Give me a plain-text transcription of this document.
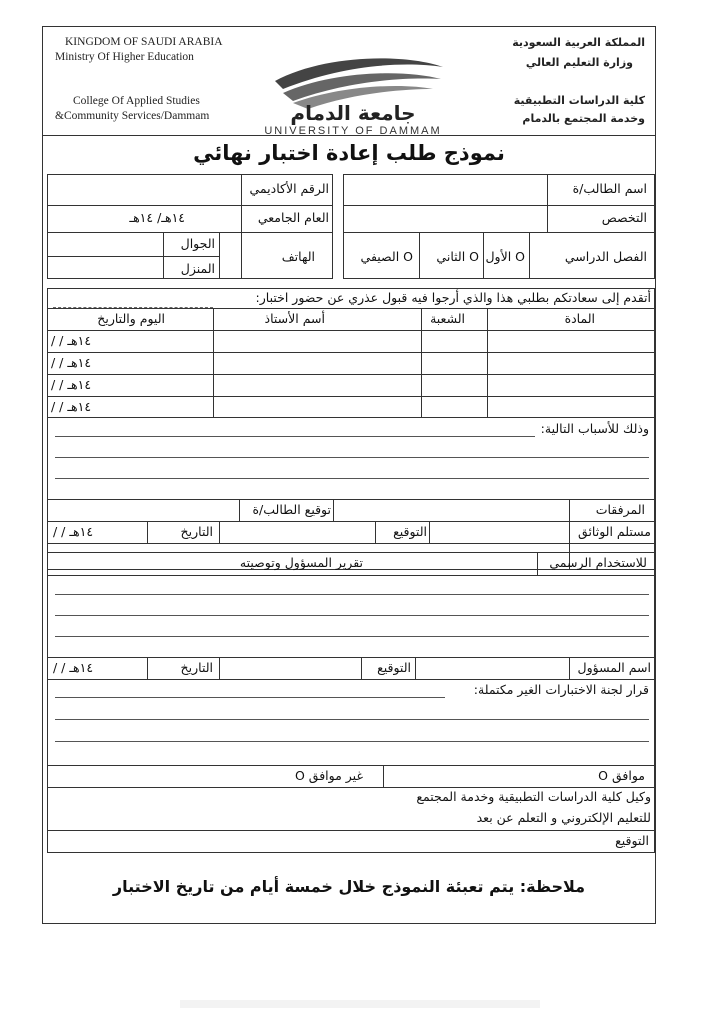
KINGDOM OF SAUDI ARABIA
Ministry Of Higher Education
College Of Applied Studies
&Community Services/Dammam
المملكة العربية السعودية
وزارة التعليم العالي
كلية الدراسات التطبيقية
وخدمة المجتمع بالدمام
جامعة الدمام
UNIVERSITY OF DAMMAM
نموذج طلب إعادة اختبار نهائي
اسم الطالب/ة
التخصص
الفصل الدراسي
O الأول
O الثاني
O الصيفي
الرقم الأكاديمي
العام الجامعي
١٤هـ/ ١٤هـ
الهاتف
الجوال
المنزل
أتقدم إلى سعادتكم بطلبي هذا والذي أرجوا فيه قبول عذري عن حضور اختبار:
المادة
الشعبة
أسم الأستاذ
اليوم والتاريخ
١٤هـ / /
١٤هـ / /
١٤هـ / /
١٤هـ / /
وذلك للأسباب التالية:
المرفقات
توقيع الطالب/ة
مستلم الوثائق
التوقيع
التاريخ
١٤هـ / /
للاستخدام الرسمي
تقرير المسؤول وتوصيته
اسم المسؤول
التوقيع
التاريخ
١٤هـ / /
قرار لجنة الاختبارات الغير مكتملة:
موافق O
غير موافق O
وكيل كلية الدراسات التطبيقية وخدمة المجتمع
للتعليم الإلكتروني و التعلم عن بعد
التوقيع
ملاحظة: يتم تعبئة النموذج خلال خمسة أيام من تاريخ الاختبار
